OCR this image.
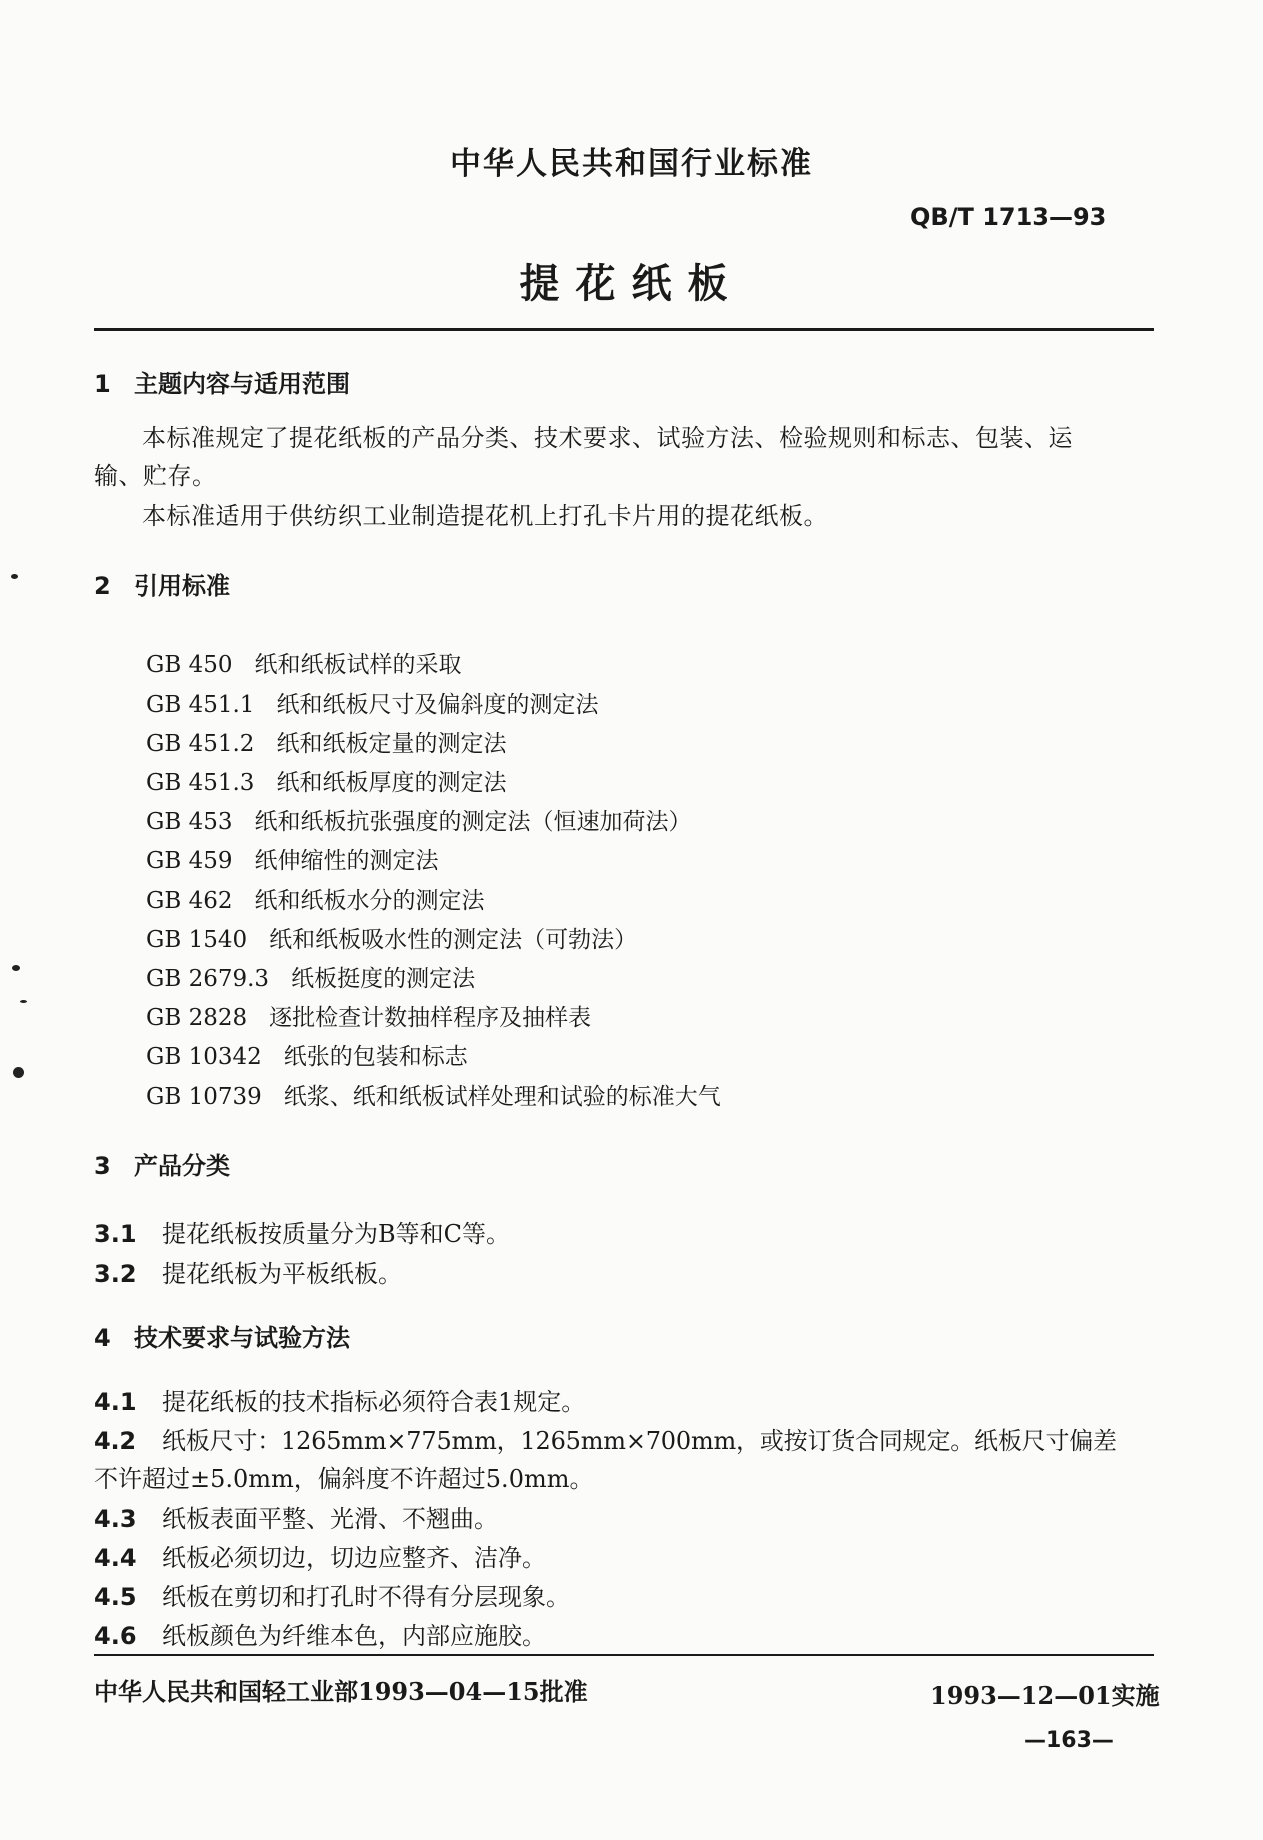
中华人民共和国行业标准
QB/T 1713—93
提花纸板
1 主题内容与适用范围
本标准规定了提花纸板的产品分类、技术要求、试验方法、检验规则和标志、包装、运
输、贮存。
本标准适用于供纺织工业制造提花机上打孔卡片用的提花纸板。
2 引用标准
GB 450 纸和纸板试样的采取
GB 451.1 纸和纸板尺寸及偏斜度的测定法
GB 451.2 纸和纸板定量的测定法
GB 451.3 纸和纸板厚度的测定法
GB 453 纸和纸板抗张强度的测定法（恒速加荷法）
GB 459 纸伸缩性的测定法
GB 462 纸和纸板水分的测定法
GB 1540 纸和纸板吸水性的测定法（可勃法）
GB 2679.3 纸板挺度的测定法
GB 2828 逐批检查计数抽样程序及抽样表
GB 10342 纸张的包装和标志
GB 10739 纸浆、纸和纸板试样处理和试验的标准大气
3 产品分类
3.1 提花纸板按质量分为B等和C等。
3.2 提花纸板为平板纸板。
4 技术要求与试验方法
4.1 提花纸板的技术指标必须符合表1规定。
4.2 纸板尺寸：1265mm×775mm，1265mm×700mm，或按订货合同规定。纸板尺寸偏差
不许超过±5.0mm，偏斜度不许超过5.0mm。
4.3 纸板表面平整、光滑、不翘曲。
4.4 纸板必须切边，切边应整齐、洁净。
4.5 纸板在剪切和打孔时不得有分层现象。
4.6 纸板颜色为纤维本色，内部应施胶。
中华人民共和国轻工业部1993—04—15批准	1993—12—01实施
—163—
